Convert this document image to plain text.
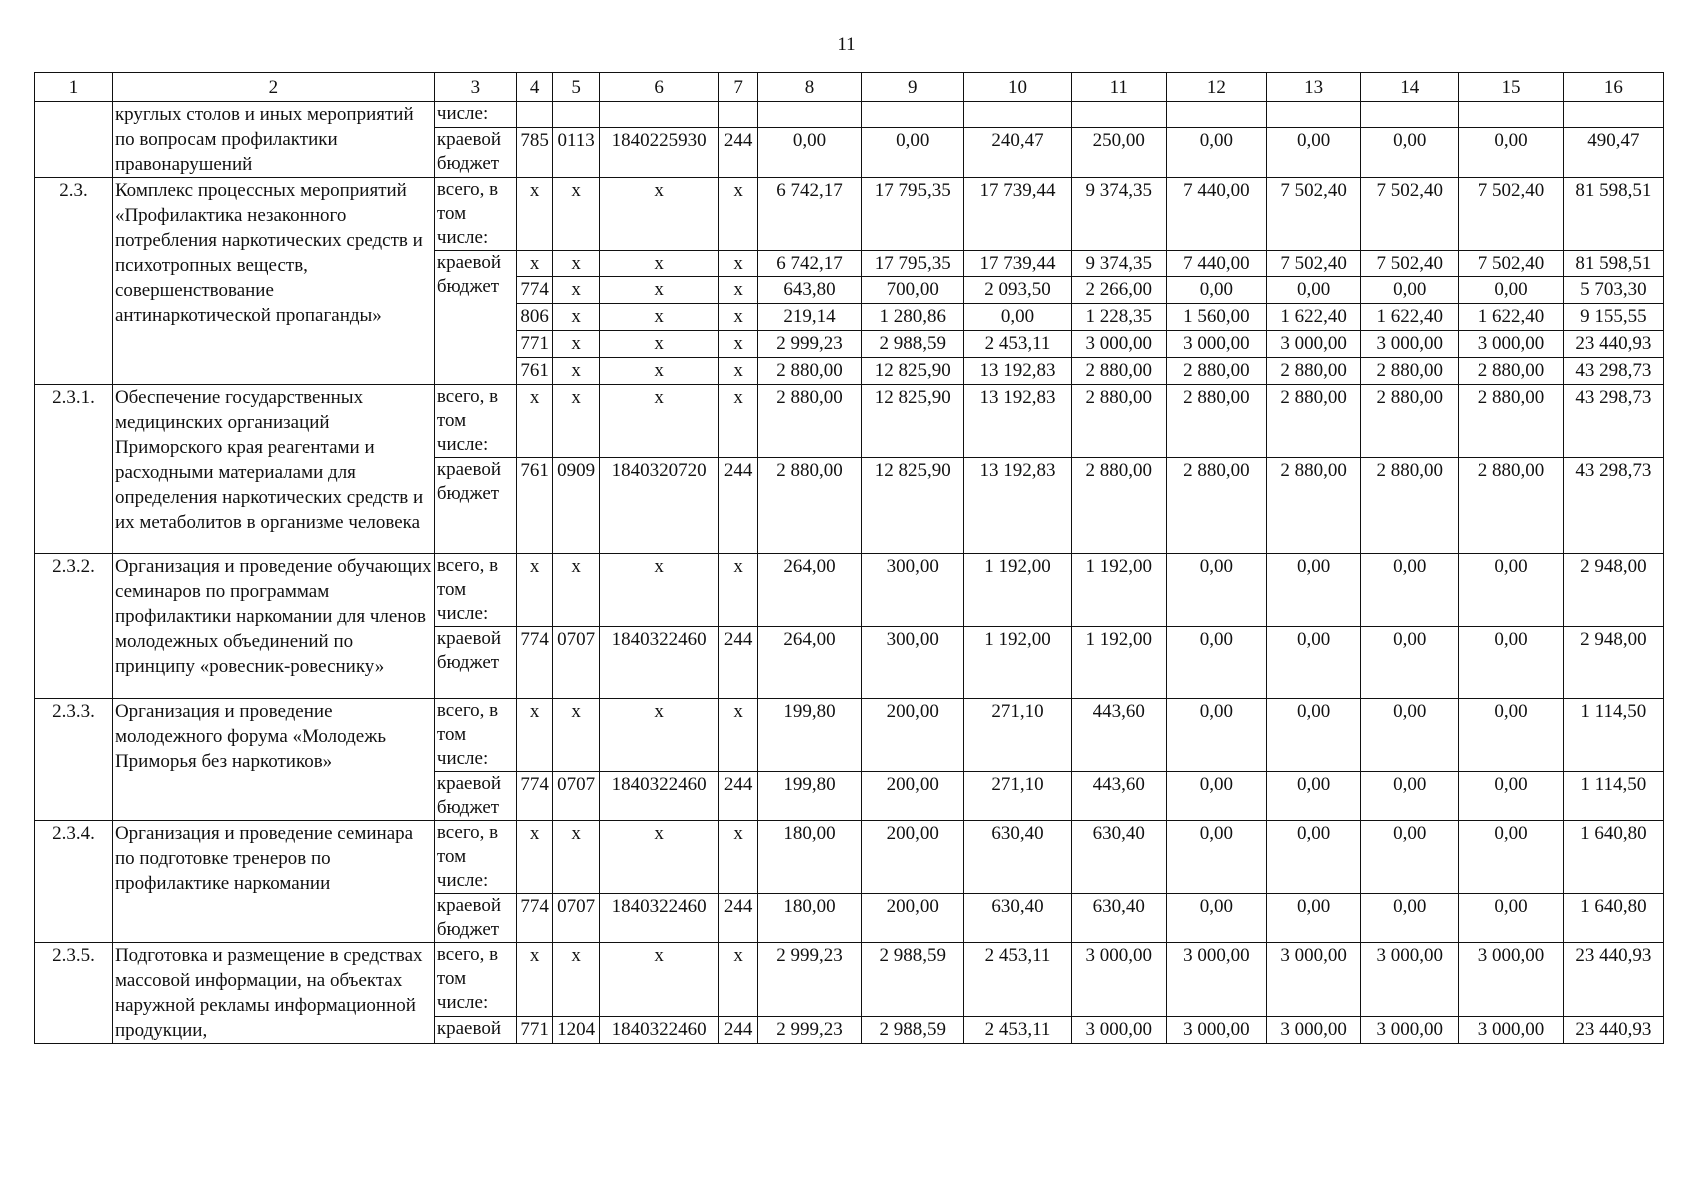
11
1	2	3	4	5	6	7	8	9	10	11	12	13	14	15	16
	круглых столов и иных мероприятий по вопросам профилактики правонарушений	числе:													
		краевой бюджет	785	0113	1840225930	244	0,00	0,00	240,47	250,00	0,00	0,00	0,00	0,00	490,47
2.3.	Комплекс процессных мероприятий «Профилактика незаконного потребления наркотических средств и психотропных веществ, совершенствование антинаркотической пропаганды»	всего, в том числе:	х	х	х	х	6 742,17	17 795,35	17 739,44	9 374,35	7 440,00	7 502,40	7 502,40	7 502,40	81 598,51
		краевой бюджет	х	х	х	х	6 742,17	17 795,35	17 739,44	9 374,35	7 440,00	7 502,40	7 502,40	7 502,40	81 598,51
			774	х	х	х	643,80	700,00	2 093,50	2 266,00	0,00	0,00	0,00	0,00	5 703,30
			806	х	х	х	219,14	1 280,86	0,00	1 228,35	1 560,00	1 622,40	1 622,40	1 622,40	9 155,55
			771	х	х	х	2 999,23	2 988,59	2 453,11	3 000,00	3 000,00	3 000,00	3 000,00	3 000,00	23 440,93
			761	х	х	х	2 880,00	12 825,90	13 192,83	2 880,00	2 880,00	2 880,00	2 880,00	2 880,00	43 298,73
2.3.1.	Обеспечение государственных медицинских организаций Приморского края реагентами и расходными материалами для определения наркотических средств и их метаболитов в организме человека	всего, в том числе:	х	х	х	х	2 880,00	12 825,90	13 192,83	2 880,00	2 880,00	2 880,00	2 880,00	2 880,00	43 298,73
		краевой бюджет	761	0909	1840320720	244	2 880,00	12 825,90	13 192,83	2 880,00	2 880,00	2 880,00	2 880,00	2 880,00	43 298,73
2.3.2.	Организация и проведение обучающих семинаров по программам профилактики наркомании для членов молодежных объединений по принципу «ровесник-ровеснику»	всего, в том числе:	х	х	х	х	264,00	300,00	1 192,00	1 192,00	0,00	0,00	0,00	0,00	2 948,00
		краевой бюджет	774	0707	1840322460	244	264,00	300,00	1 192,00	1 192,00	0,00	0,00	0,00	0,00	2 948,00
2.3.3.	Организация и проведение молодежного форума «Молодежь Приморья без наркотиков»	всего, в том числе:	х	х	х	х	199,80	200,00	271,10	443,60	0,00	0,00	0,00	0,00	1 114,50
		краевой бюджет	774	0707	1840322460	244	199,80	200,00	271,10	443,60	0,00	0,00	0,00	0,00	1 114,50
2.3.4.	Организация и проведение семинара по подготовке тренеров по профилактике наркомании	всего, в том числе:	х	х	х	х	180,00	200,00	630,40	630,40	0,00	0,00	0,00	0,00	1 640,80
		краевой бюджет	774	0707	1840322460	244	180,00	200,00	630,40	630,40	0,00	0,00	0,00	0,00	1 640,80
2.3.5.	Подготовка и размещение в средствах массовой информации, на объектах наружной рекламы информационной продукции,	всего, в том числе:	х	х	х	х	2 999,23	2 988,59	2 453,11	3 000,00	3 000,00	3 000,00	3 000,00	3 000,00	23 440,93
		краевой	771	1204	1840322460	244	2 999,23	2 988,59	2 453,11	3 000,00	3 000,00	3 000,00	3 000,00	3 000,00	23 440,93
